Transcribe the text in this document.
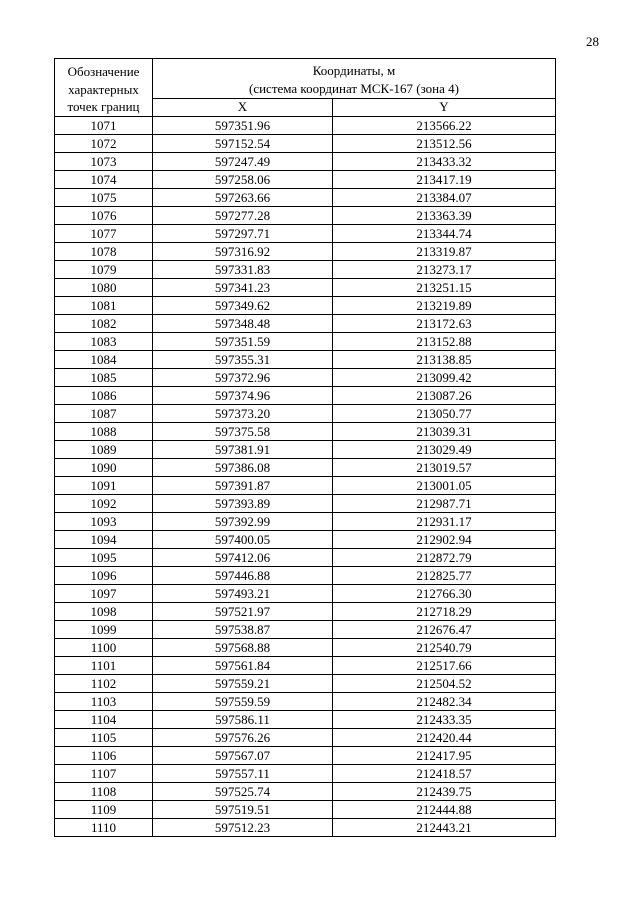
28
Обозначение
характерных
точек границ	Координаты, м
(система координат МСК-167 (зона 4)	
	X	Y
1071	597351.96	213566.22
1072	597152.54	213512.56
1073	597247.49	213433.32
1074	597258.06	213417.19
1075	597263.66	213384.07
1076	597277.28	213363.39
1077	597297.71	213344.74
1078	597316.92	213319.87
1079	597331.83	213273.17
1080	597341.23	213251.15
1081	597349.62	213219.89
1082	597348.48	213172.63
1083	597351.59	213152.88
1084	597355.31	213138.85
1085	597372.96	213099.42
1086	597374.96	213087.26
1087	597373.20	213050.77
1088	597375.58	213039.31
1089	597381.91	213029.49
1090	597386.08	213019.57
1091	597391.87	213001.05
1092	597393.89	212987.71
1093	597392.99	212931.17
1094	597400.05	212902.94
1095	597412.06	212872.79
1096	597446.88	212825.77
1097	597493.21	212766.30
1098	597521.97	212718.29
1099	597538.87	212676.47
1100	597568.88	212540.79
1101	597561.84	212517.66
1102	597559.21	212504.52
1103	597559.59	212482.34
1104	597586.11	212433.35
1105	597576.26	212420.44
1106	597567.07	212417.95
1107	597557.11	212418.57
1108	597525.74	212439.75
1109	597519.51	212444.88
1110	597512.23	212443.21
